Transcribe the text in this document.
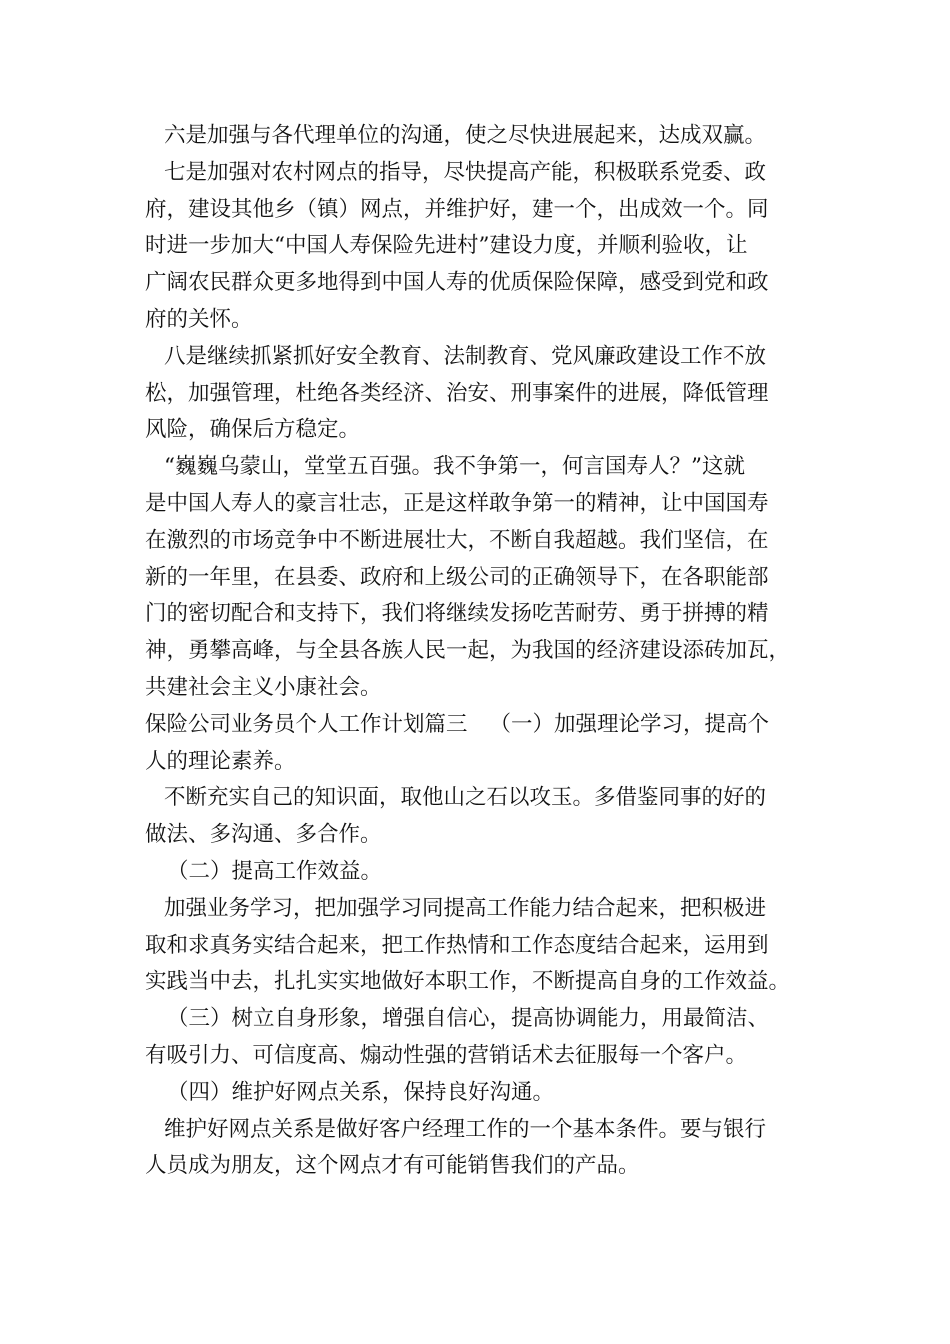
六是加强与各代理单位的沟通，使之尽快进展起来，达成双赢。
七是加强对农村网点的指导，尽快提高产能，积极联系党委、政
府，建设其他乡（镇）网点，并维护好，建一个，出成效一个。同
时进一步加大“中国人寿保险先进村”建设力度，并顺利验收，让
广阔农民群众更多地得到中国人寿的优质保险保障，感受到党和政
府的关怀。
八是继续抓紧抓好安全教育、法制教育、党风廉政建设工作不放
松，加强管理，杜绝各类经济、治安、刑事案件的进展，降低管理
风险，确保后方稳定。
“巍巍乌蒙山，堂堂五百强。我不争第一，何言国寿人？”这就
是中国人寿人的豪言壮志，正是这样敢争第一的精神，让中国国寿
在激烈的市场竞争中不断进展壮大，不断自我超越。我们坚信，在
新的一年里，在县委、政府和上级公司的正确领导下，在各职能部
门的密切配合和支持下，我们将继续发扬吃苦耐劳、勇于拼搏的精
神，勇攀高峰，与全县各族人民一起，为我国的经济建设添砖加瓦，
共建社会主义小康社会。
保险公司业务员个人工作计划篇三 （一）加强理论学习，提高个
人的理论素养。
不断充实自己的知识面，取他山之石以攻玉。多借鉴同事的好的
做法、多沟通、多合作。
（二）提高工作效益。
加强业务学习，把加强学习同提高工作能力结合起来，把积极进
取和求真务实结合起来，把工作热情和工作态度结合起来，运用到
实践当中去，扎扎实实地做好本职工作，不断提高自身的工作效益。
（三）树立自身形象，增强自信心，提高协调能力，用最简洁、
有吸引力、可信度高、煽动性强的营销话术去征服每一个客户。
（四）维护好网点关系，保持良好沟通。
维护好网点关系是做好客户经理工作的一个基本条件。要与银行
人员成为朋友，这个网点才有可能销售我们的产品。
